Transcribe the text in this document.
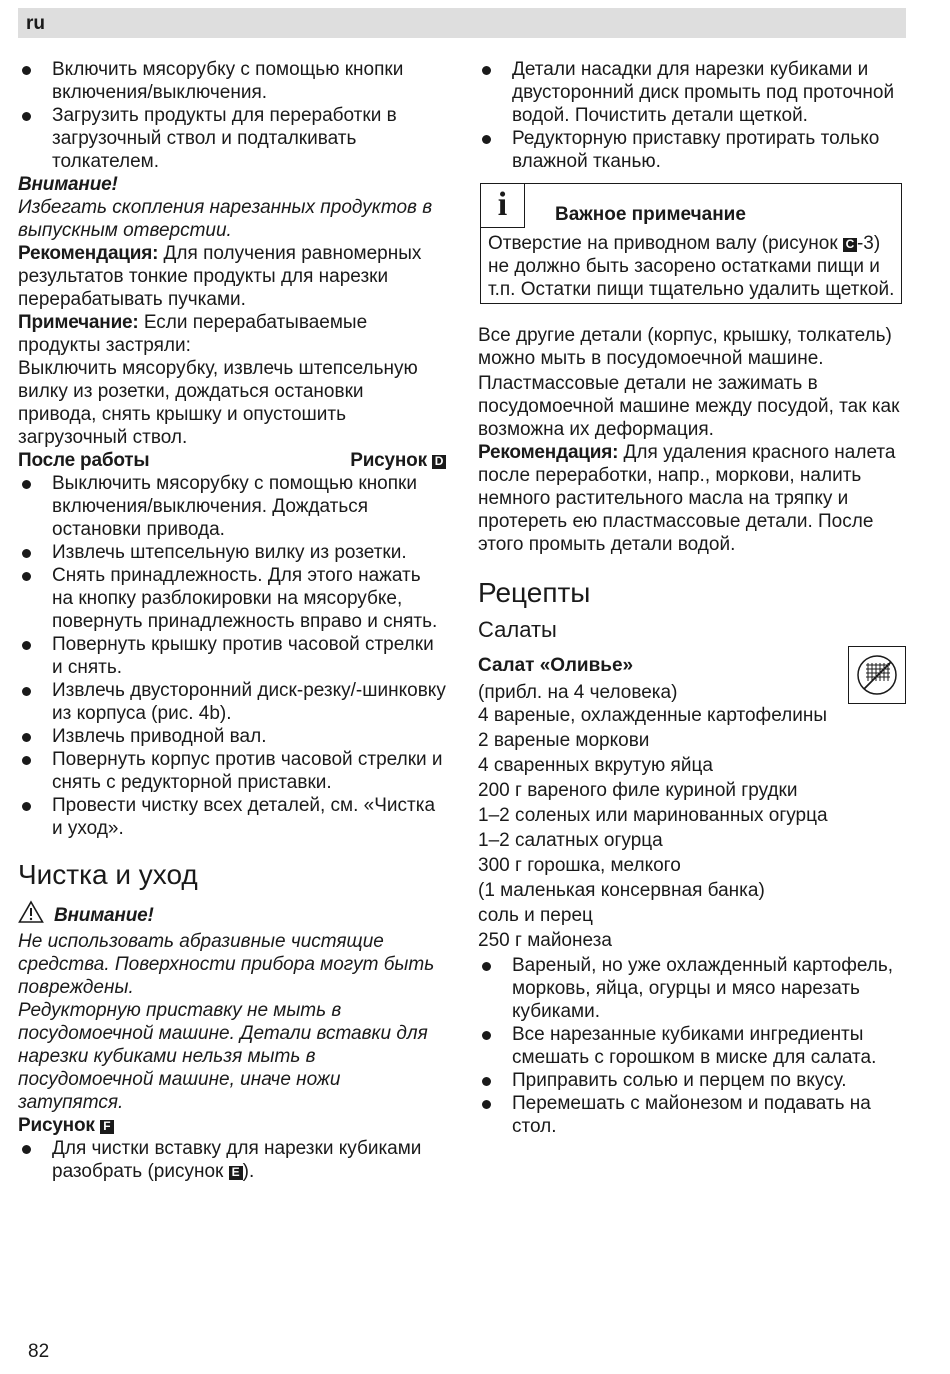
ru
Включить мясорубку с помощью кнопки включения/выключения.
Загрузить продукты для переработки в загрузочный ствол и подталкивать толкателем.
Внимание!
Избегать скопления нарезанных продуктов в выпускным отверстии.
Рекомендация: Для получения равномерных результатов тонкие продукты для нарезки перерабатывать пучками.
Примечание: Если перерабатываемые продукты застряли:
Выключить мясорубку, извлечь штепсельную вилку из розетки, дождаться остановки привода, снять крышку и опустошить загрузочный ствол.
После работы	Рисунок D
Выключить мясорубку с помощью кнопки включения/выключения. Дождаться остановки привода.
Извлечь штепсельную вилку из розетки.
Снять принадлежность. Для этого нажать на кнопку разблокировки на мясорубке, повернуть принадлежность вправо и снять.
Повернуть крышку против часовой стрелки и снять.
Извлечь двусторонний диск-резку/-шинковку из корпуса (рис. 4b).
Извлечь приводной вал.
Повернуть корпус против часовой стрелки и снять с редукторной приставки.
Провести чистку всех деталей, см. «Чистка и уход».
Чистка и уход
Внимание!
Не использовать абразивные чистящие средства. Поверхности прибора могут быть повреждены.
Редукторную приставку не мыть в посудомоечной машине. Детали вставки для нарезки кубиками нельзя мыть в посудомоечной машине, иначе ножи затупятся.
Рисунок F
Для чистки вставку для нарезки кубиками разобрать (рисунок E ).
Детали насадки для нарезки кубиками и двусторонний диск промыть под проточной водой. Почистить детали щеткой.
Редукторную приставку протирать только влажной тканью.
i	Важное примечание
Отверстие на приводном валу (рисунок C -3) не должно быть засорено остатками пищи и т.п. Остатки пищи тщательно удалить щеткой.
Все другие детали (корпус, крышку, толкатель) можно мыть в посудомоечной машине.
Пластмассовые детали не зажимать в посудомоечной машине между посудой, так как возможна их деформация.
Рекомендация: Для удаления красного налета после переработки, напр., моркови, налить немного растительного масла на тряпку и протереть ею пластмассовые детали. После этого промыть детали водой.
Рецепты
Салаты
Салат «Оливье»
(прибл. на 4 человека)
4 вареные, охлажденные картофелины
2 вареные моркови
4 сваренных вкрутую яйца
200 г вареного филе куриной грудки
1–2 соленых или маринованных огурца
1–2 салатных огурца
300 г горошка, мелкого
(1 маленькая консервная банка)
соль и перец
250 г майонеза
Вареный, но уже охлажденный картофель, морковь, яйца, огурцы и мясо нарезать кубиками.
Все нарезанные кубиками ингредиенты смешать с горошком в миске для салата.
Приправить солью и перцем по вкусу.
Перемешать с майонезом и подавать на стол.
82
